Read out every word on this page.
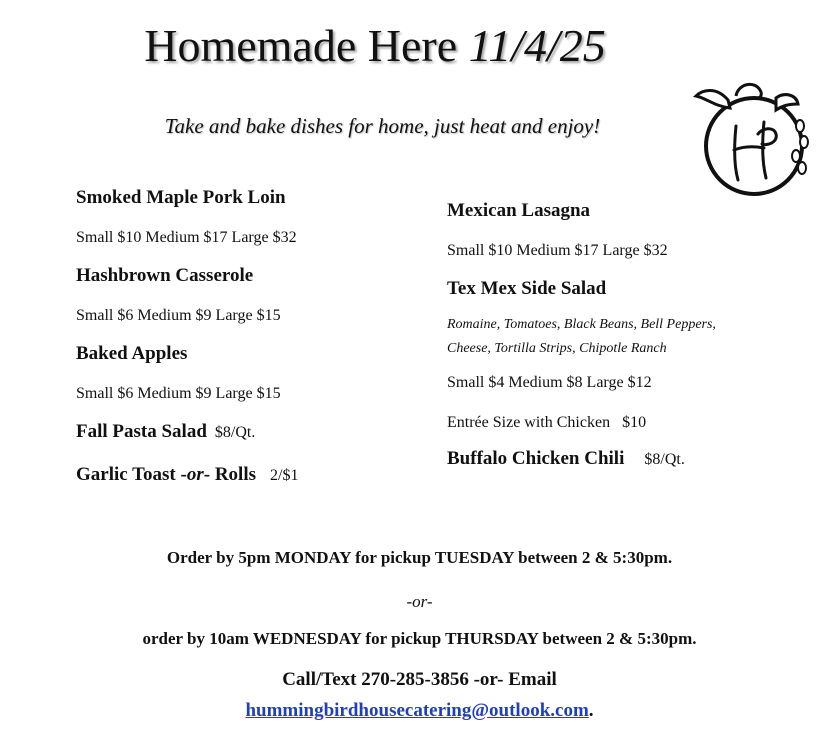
Homemade Here 11/4/25
Take and bake dishes for home, just heat and enjoy!
Smoked Maple Pork Loin
Small $10 Medium $17 Large $32
Hashbrown Casserole
Small $6 Medium $9 Large $15
Baked Apples
Small $6 Medium $9 Large $15
Fall Pasta Salad $8/Qt.
Garlic Toast -or- Rolls 2/$1
Mexican Lasagna
Small $10 Medium $17 Large $32
Tex Mex Side Salad
Romaine, Tomatoes, Black Beans, Bell Peppers,
Cheese, Tortilla Strips, Chipotle Ranch
Small $4 Medium $8 Large $12
Entrée Size with Chicken   $10
Buffalo Chicken Chili $8/Qt.
Order by 5pm MONDAY for pickup TUESDAY between 2 & 5:30pm.
-or-
order by 10am WEDNESDAY for pickup THURSDAY between 2 & 5:30pm.
Call/Text 270-285-3856 -or- Email
hummingbirdhousecatering@outlook.com.
